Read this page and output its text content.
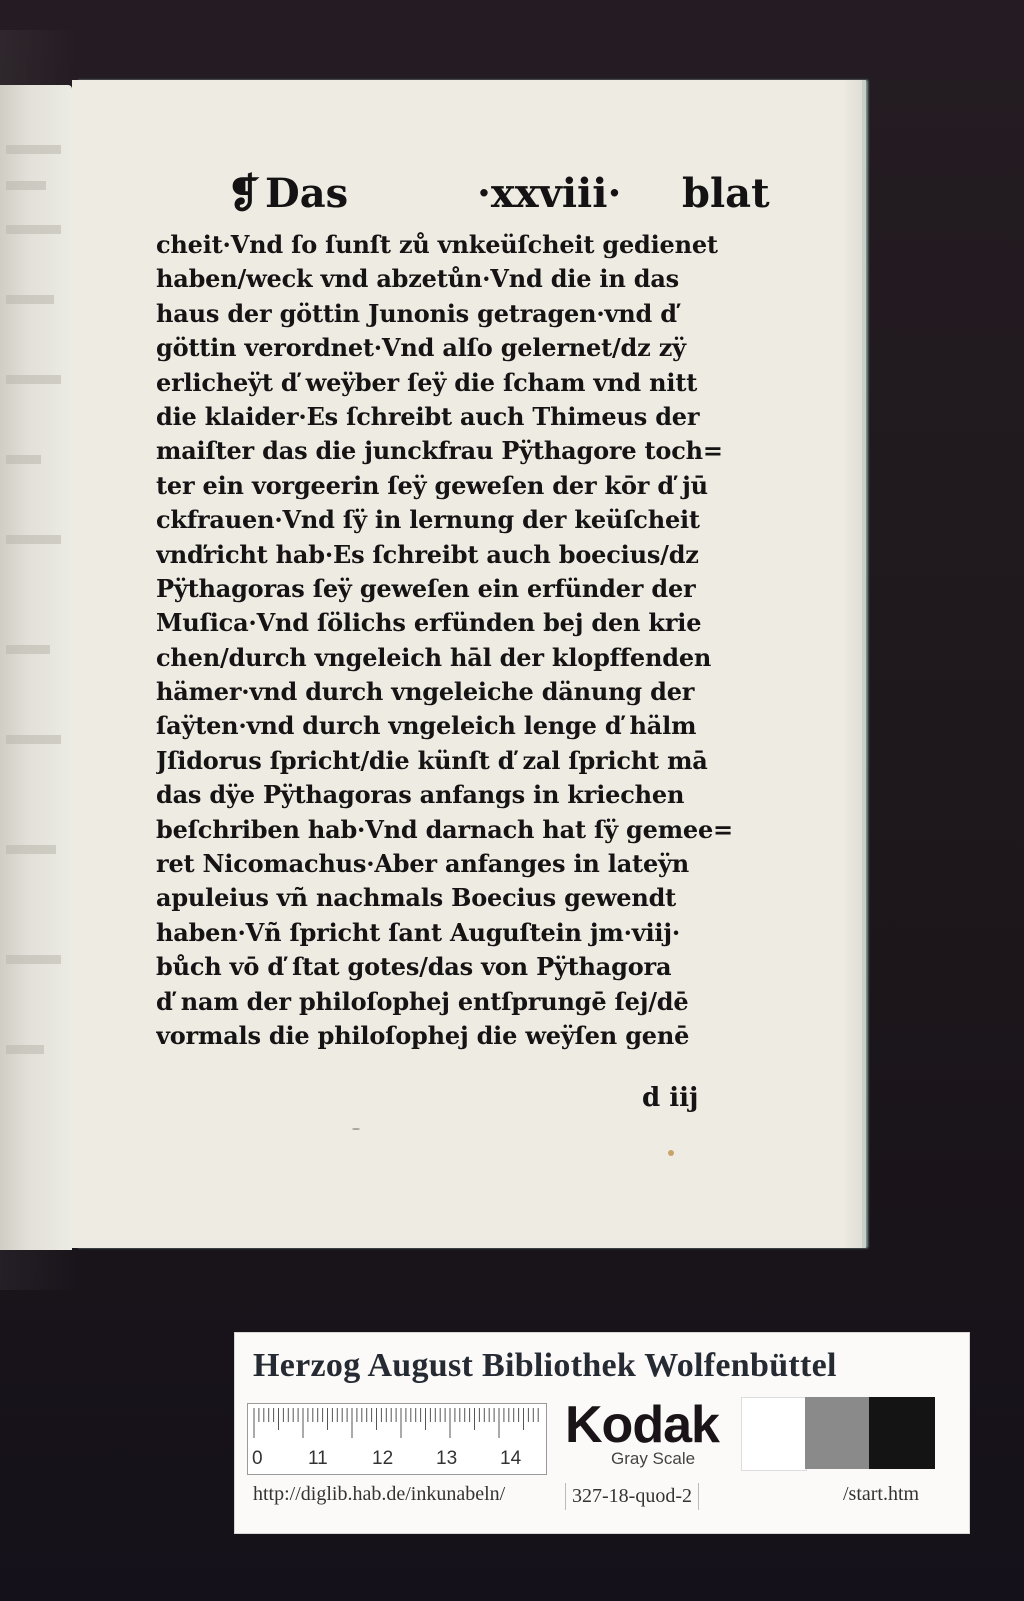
❡ Das	·xxviii· blat
cheit·Vnd ſo ſunſt zů vnkeüſcheit gedienet
haben/weck vnd abzetůn·Vnd die in das
haus der göttin Junonis getragen·vnd ď
göttin verordnet·Vnd alſo gelernet/dz zÿ
erlicheÿt ď weÿber ſeÿ die ſcham vnd nitt
die klaider·Es ſchreibt auch Thimeus der
maiſter das die junckfrau Pÿthagore toch=
ter ein vorgeerin ſeÿ geweſen der kōr ď jū
ckfrauen·Vnd ſÿ in lernung der keüſcheit
vnďricht hab·Es ſchreibt auch boecius/dz
Pÿthagoras ſeÿ geweſen ein erfünder der
Muſica·Vnd ſölichs erfünden bej den krie
chen/durch vngeleich hāl der klopffenden
hämer·vnd durch vngeleiche dänung der
ſaÿten·vnd durch vngeleich lenge ď hälm
Jſidorus ſpricht/die künſt ď zal ſpricht mā
das dÿe Pÿthagoras anfangs in kriechen
beſchriben hab·Vnd darnach hat ſÿ gemee=
ret Nicomachus·Aber anfanges in lateÿn
apuleius vñ nachmals Boecius gewendt
haben·Vñ ſpricht ſant Auguſtein jm·viij·
bůch vō ď ſtat gotes/das von Pÿthagora
ď nam der philoſophej entſprungē ſej/dē
vormals die philoſophej die weÿſen genē
d iij
Herzog August Bibliothek Wolfenbüttel
0 11 12 13 14
Kodak
Gray Scale
http://diglib.hab.de/inkunabeln/	327-18-quod-2	/start.htm
